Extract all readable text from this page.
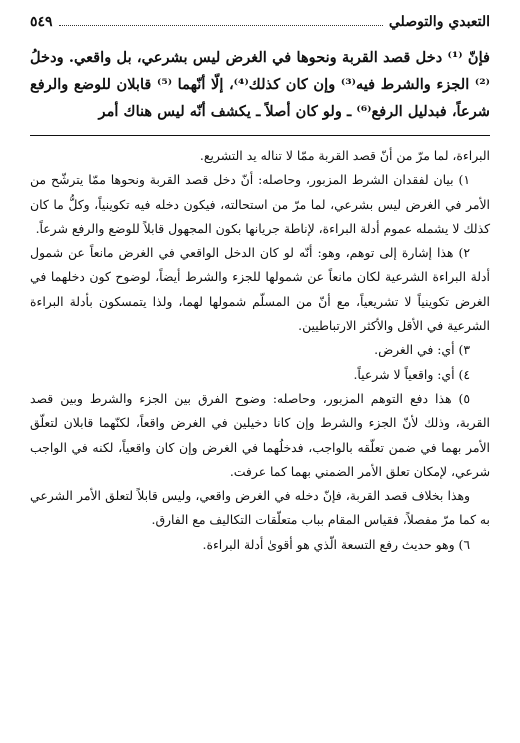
التعبدي والتوصلي
٥٤٩

فإنّ ⁽¹⁾ دخل قصد القربة ونحوها في الغرض ليس بشرعي، بل واقعي. ودخلُ ⁽²⁾ الجزء والشرط فيه⁽³⁾ وإن كان كذلك⁽⁴⁾، إلّا أنّهما ⁽⁵⁾ قابلان للوضع والرفع شرعاً، فبدليل الرفع⁽⁶⁾ ـ ولو كان أصلاً ـ يكشف أنّه ليس هناك أمر

البراءة، لما مرّ من أنّ قصد القربة ممّا لا تناله يد التشريع.

١) بيان لفقدان الشرط المزبور، وحاصله: أنّ دخل قصد القربة ونحوها ممّا يترشّح من الأمر في الغرض ليس بشرعي، لما مرّ من استحالته، فيكون دخله فيه تكوينياً، وكلُّ ما كان كذلك لا يشمله عموم أدلة البراءة، لإناطة جريانها بكون المجهول قابلاً للوضع والرفع شرعاً.

٢) هذا إشارة إلى توهم، وهو: أنّه لو كان الدخل الواقعي في الغرض مانعاً عن شمول أدلة البراءة الشرعية لكان مانعاً عن شمولها للجزء والشرط أيضاً، لوضوح كون دخلهما في الغرض تكوينياً لا تشريعياً، مع أنّ من المسلّم شمولها لهما، ولذا يتمسكون بأدلة البراءة الشرعية في الأقل والأكثر الارتباطيين.

٣) أي: في الغرض.

٤) أي: واقعياً لا شرعياً.

٥) هذا دفع التوهم المزبور، وحاصله: وضوح الفرق بين الجزء والشرط وبين قصد القربة، وذلك لأنّ الجزء والشرط وإن كانا دخيلين في الغرض واقعاً، لكنّهما قابلان لتعلّق الأمر بهما في ضمن تعلّقه بالواجب، فدخلُهما في الغرض وإن كان واقعياً، لكنه في الواجب شرعي، لإمكان تعلق الأمر الضمني بهما كما عرفت.

وهذا بخلاف قصد القربة، فإنّ دخله في الغرض واقعي، وليس قابلاً لتعلق الأمر الشرعي به كما مرّ مفصلاً، فقياس المقام بباب متعلّقات التكاليف مع الفارق.

٦) وهو حديث رفع التسعة الّذي هو أقوىٰ أدلة البراءة.
